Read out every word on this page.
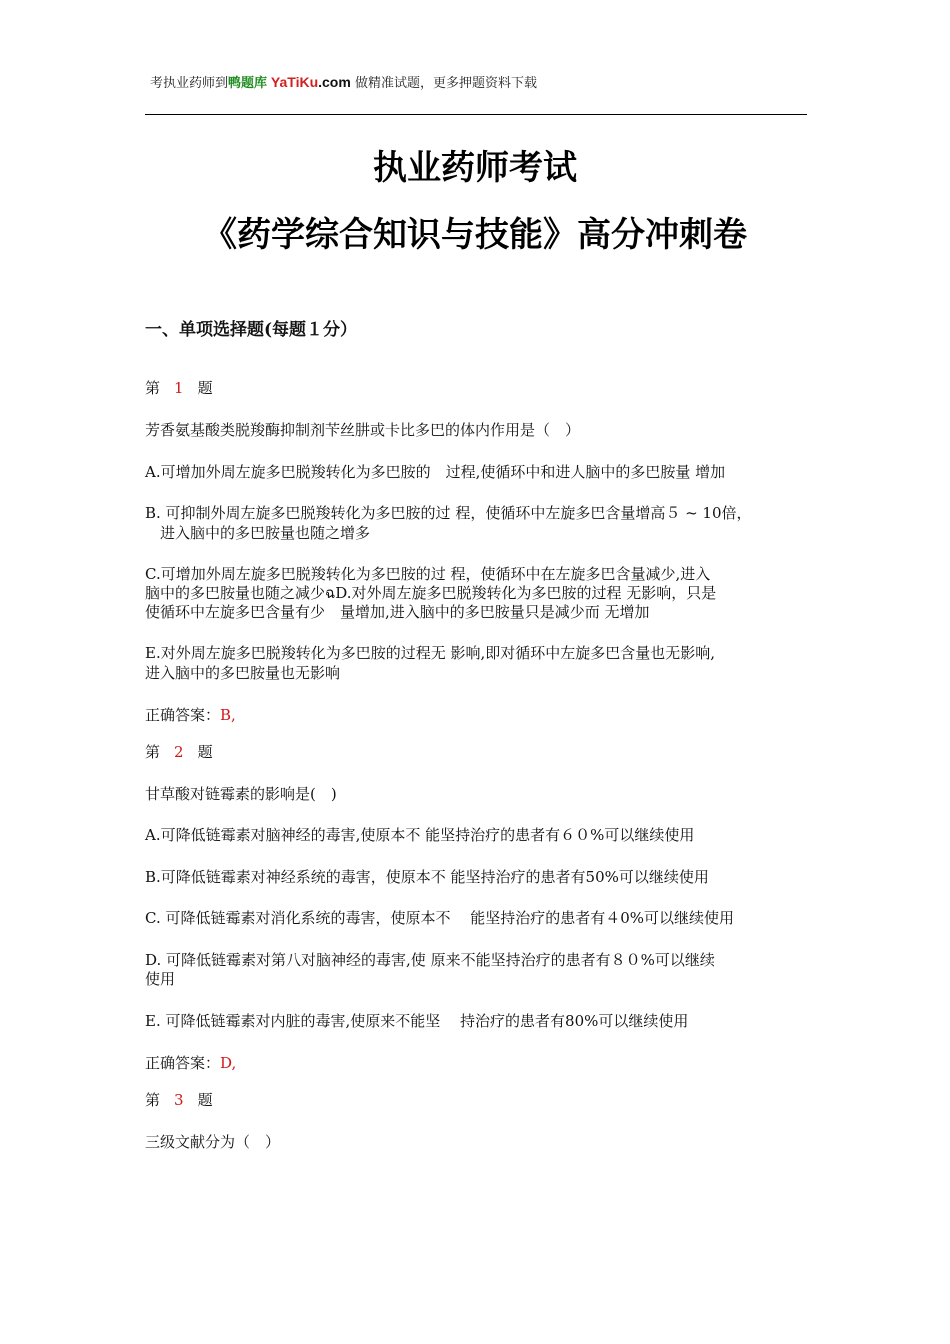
考执业药师到鸭题库 YaTiKu.com 做精准试题，更多押题资料下载
执业药师考试
《药学综合知识与技能》高分冲刺卷
一、单项选择题(每题１分）
第 1 题
芳香氨基酸类脱羧酶抑制剂苄丝肼或卡比多巴的体内作用是（　）
A.可增加外周左旋多巴脱羧转化为多巴胺的　过程,使循环中和进人脑中的多巴胺量 增加
B. 可抑制外周左旋多巴脱羧转化为多巴胺的过 程，使循环中左旋多巴含量增高５ ~ 10倍，
　进入脑中的多巴胺量也随之增多
C.可增加外周左旋多巴脱羧转化为多巴胺的过 程，使循环中在左旋多巴含量减少,进入
脑中的多巴胺量也随之减少ฉD.对外周左旋多巴脱羧转化为多巴胺的过程 无影响，只是
使循环中左旋多巴含量有少　量增加,进入脑中的多巴胺量只是减少而 无增加
E.对外周左旋多巴脱羧转化为多巴胺的过程无 影响,即对循环中左旋多巴含量也无影响,
进入脑中的多巴胺量也无影响
正确答案：B,
第 2 题
甘草酸对链霉素的影响是(　)
A.可降低链霉素对脑神经的毒害,使原本不 能坚持治疗的患者有６０%可以继续使用
B.可降低链霉素对神经系统的毒害，使原本不 能坚持治疗的患者有50%可以继续使用
C. 可降低链霉素对消化系统的毒害，使原本不　 能坚持治疗的患者有４0%可以继续使用
D. 可降低链霉素对第八对脑神经的毒害,使 原来不能坚持治疗的患者有８０%可以继续
使用
E. 可降低链霉素对内脏的毒害,使原来不能坚　 持治疗的患者有80%可以继续使用
正确答案：D,
第 3 题
三级文献分为（　）
